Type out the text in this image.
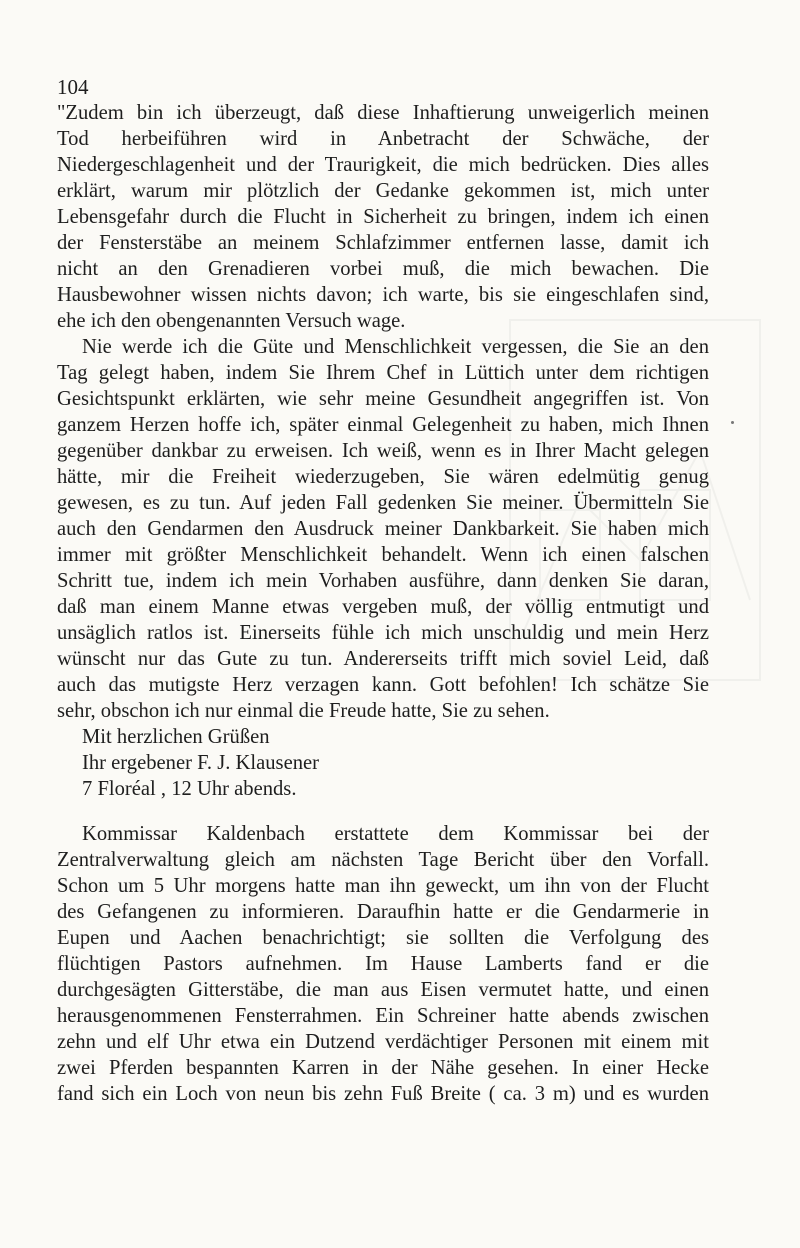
104
"Zudem bin ich überzeugt, daß diese Inhaftierung unweigerlich meinen
Tod herbeiführen wird in Anbetracht der Schwäche, der
Niedergeschlagenheit und der Traurigkeit, die mich bedrücken. Dies alles
erklärt, warum mir plötzlich der Gedanke gekommen ist, mich unter
Lebensgefahr durch die Flucht in Sicherheit zu bringen, indem ich einen
der Fensterstäbe an meinem Schlafzimmer entfernen lasse, damit ich
nicht an den Grenadieren vorbei muß, die mich bewachen. Die
Hausbewohner wissen nichts davon; ich warte, bis sie eingeschlafen sind,
ehe ich den obengenannten Versuch wage.
Nie werde ich die Güte und Menschlichkeit vergessen, die Sie an den
Tag gelegt haben, indem Sie Ihrem Chef in Lüttich unter dem richtigen
Gesichtspunkt erklärten, wie sehr meine Gesundheit angegriffen ist. Von
ganzem Herzen hoffe ich, später einmal Gelegenheit zu haben, mich Ihnen
gegenüber dankbar zu erweisen. Ich weiß, wenn es in Ihrer Macht gelegen
hätte, mir die Freiheit wiederzugeben, Sie wären edelmütig genug
gewesen, es zu tun. Auf jeden Fall gedenken Sie meiner. Übermitteln Sie
auch den Gendarmen den Ausdruck meiner Dankbarkeit. Sie haben mich
immer mit größter Menschlichkeit behandelt. Wenn ich einen falschen
Schritt tue, indem ich mein Vorhaben ausführe, dann denken Sie daran,
daß man einem Manne etwas vergeben muß, der völlig entmutigt und
unsäglich ratlos ist. Einerseits fühle ich mich unschuldig und mein Herz
wünscht nur das Gute zu tun. Andererseits trifft mich soviel Leid, daß
auch das mutigste Herz verzagen kann. Gott befohlen! Ich schätze Sie
sehr, obschon ich nur einmal die Freude hatte, Sie zu sehen.
Mit herzlichen Grüßen
Ihr ergebener F. J. Klausener
7 Floréal , 12 Uhr abends.
Kommissar Kaldenbach erstattete dem Kommissar bei der
Zentralverwaltung gleich am nächsten Tage Bericht über den Vorfall.
Schon um 5 Uhr morgens hatte man ihn geweckt, um ihn von der Flucht
des Gefangenen zu informieren. Daraufhin hatte er die Gendarmerie in
Eupen und Aachen benachrichtigt; sie sollten die Verfolgung des
flüchtigen Pastors aufnehmen. Im Hause Lamberts fand er die
durchgesägten Gitterstäbe, die man aus Eisen vermutet hatte, und einen
herausgenommenen Fensterrahmen. Ein Schreiner hatte abends zwischen
zehn und elf Uhr etwa ein Dutzend verdächtiger Personen mit einem mit
zwei Pferden bespannten Karren in der Nähe gesehen. In einer Hecke
fand sich ein Loch von neun bis zehn Fuß Breite ( ca. 3 m) und es wurden
